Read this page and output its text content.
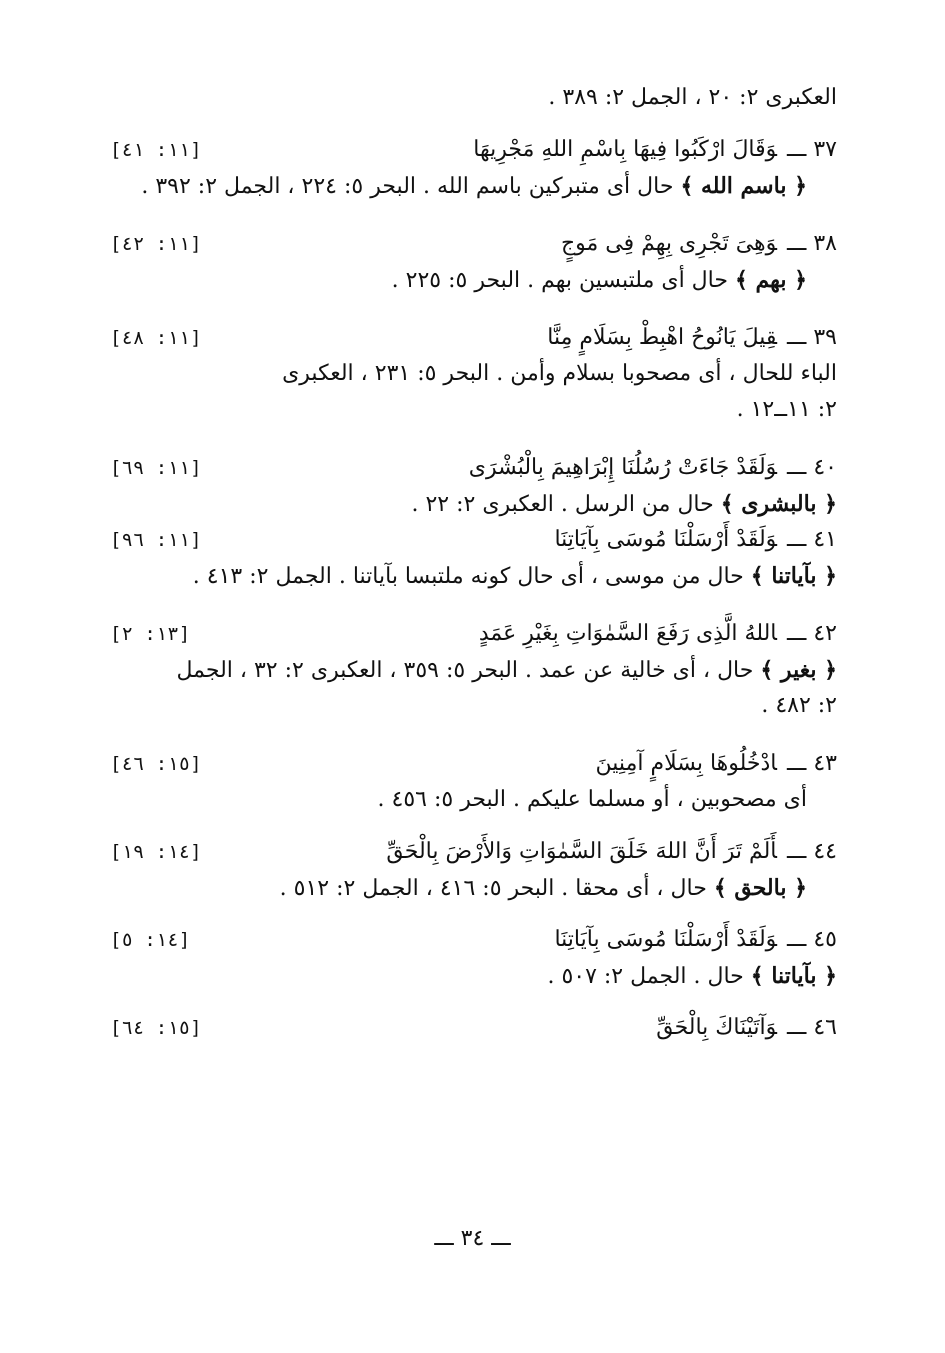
العكبرى ٢: ٢٠ ، الجمل ٢: ٣٨٩ .
٣٧ ـــوَقَالَ ارْكَبُوا فِيهَا بِاسْمِ اللهِ مَجْرِيهَا
[١١: ٤١]
﴿ باسم الله ﴾ حال أى متبركين باسم الله . البحر ٥: ٢٢٤ ، الجمل ٢: ٣٩٢ .
٣٨ ـــوَهِىَ تَجْرِى بِهِمْ فِى مَوجٍ
[١١: ٤٢]
﴿ بهم ﴾ حال أى ملتبسين بهم . البحر ٥: ٢٢٥ .
٣٩ ـــقِيلَ يَانُوحُ اهْبِطْ بِسَلَامٍ مِنَّا
[١١: ٤٨]
الباء للحال ، أى مصحوبا بسلام وأمن . البحر ٥: ٢٣١ ، العكبرى
٢: ١١ــ١٢ .
٤٠ ـــوَلَقَدْ جَاءَتْ رُسُلُنَا إِبْرَاهِيمَ بِالْبُشْرَى
[١١: ٦٩]
﴿ بالبشرى ﴾ حال من الرسل . العكبرى ٢: ٢٢ .
٤١ ـــوَلَقَدْ أَرْسَلْنَا مُوسَى بِآيَاتِنَا
[١١: ٩٦]
﴿ بآياتنا ﴾ حال من موسى ، أى حال كونه ملتبسا بآياتنا . الجمل ٢: ٤١٣ .
٤٢ ـــاللهُ الَّذِى رَفَعَ السَّمٰوَاتِ بِغَيْرِ عَمَدٍ
[١٣: ٢]
﴿ بغير ﴾ حال ، أى خالية عن عمد . البحر ٥: ٣٥٩ ، العكبرى ٢: ٣٢ ، الجمل
٢: ٤٨٢ .
٤٣ ـــادْخُلُوهَا بِسَلَامٍ آمِنِينَ
[١٥: ٤٦]
أى مصحوبين ، أو مسلما عليكم . البحر ٥: ٤٥٦ .
٤٤ ـــأَلَمْ تَرَ أَنَّ اللهَ خَلَقَ السَّمٰوَاتِ وَالأَرْضَ بِالْحَقِّ
[١٤: ١٩]
﴿ بالحق ﴾ حال ، أى محقا . البحر ٥: ٤١٦ ، الجمل ٢: ٥١٢ .
٤٥ ـــوَلَقَدْ أَرْسَلْنَا مُوسَى بِآيَاتِنَا
[١٤: ٥]
﴿ بآياتنا ﴾ حال . الجمل ٢: ٥٠٧ .
٤٦ ـــوَآتَيْنَاكَ بِالْحَقِّ
[١٥: ٦٤]
ـــ ٣٤ ـــ
